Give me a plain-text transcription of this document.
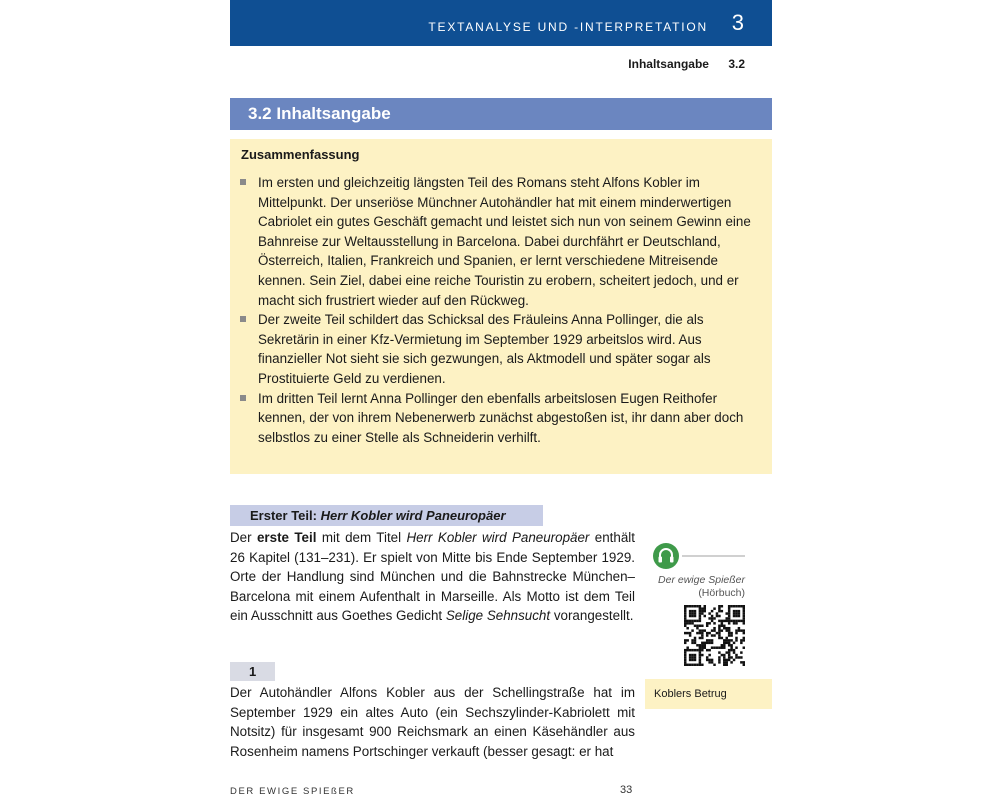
TEXTANALYSE UND -INTERPRETATION 3
Inhaltsangabe 3.2
3.2 Inhaltsangabe
Zusammenfassung
Im ersten und gleichzeitig längsten Teil des Romans steht Alfons Kobler im Mittelpunkt. Der unseriöse Münchner Autohändler hat mit einem minderwertigen Cabriolet ein gutes Geschäft gemacht und leistet sich nun von seinem Gewinn eine Bahnreise zur Weltausstellung in Barcelona. Dabei durchfährt er Deutschland, Österreich, Italien, Frankreich und Spanien, er lernt verschiedene Mitreisende kennen. Sein Ziel, dabei eine reiche Touristin zu erobern, scheitert jedoch, und er macht sich frustriert wieder auf den Rückweg.
Der zweite Teil schildert das Schicksal des Fräuleins Anna Pollinger, die als Sekretärin in einer Kfz-Vermietung im September 1929 arbeitslos wird. Aus finanzieller Not sieht sie sich gezwungen, als Aktmodell und später sogar als Prostituierte Geld zu verdienen.
Im dritten Teil lernt Anna Pollinger den ebenfalls arbeitslosen Eugen Reithofer kennen, der von ihrem Nebenerwerb zunächst abgestoßen ist, ihr dann aber doch selbstlos zu einer Stelle als Schneiderin verhilft.
Erster Teil: Herr Kobler wird Paneuropäer

Der erste Teil mit dem Titel Herr Kobler wird Paneuropäer enthält 26 Kapitel (131–231). Er spielt von Mitte bis Ende September 1929. Orte der Handlung sind München und die Bahnstrecke München–Barcelona mit einem Aufenthalt in Marseille. Als Motto ist dem Teil ein Ausschnitt aus Goethes Gedicht Selige Sehnsucht vorangestellt.

1

Der Autohändler Alfons Kobler aus der Schellingstraße hat im September 1929 ein altes Auto (ein Sechszylinder-Kabriolett mit Notsitz) für insgesamt 900 Reichsmark an einen Käsehändler aus Rosenheim namens Portschinger verkauft (besser gesagt: er hat

Der ewige Spießer
(Hörbuch)
Koblers Betrug
DER EWIGE SPIEßER	33
